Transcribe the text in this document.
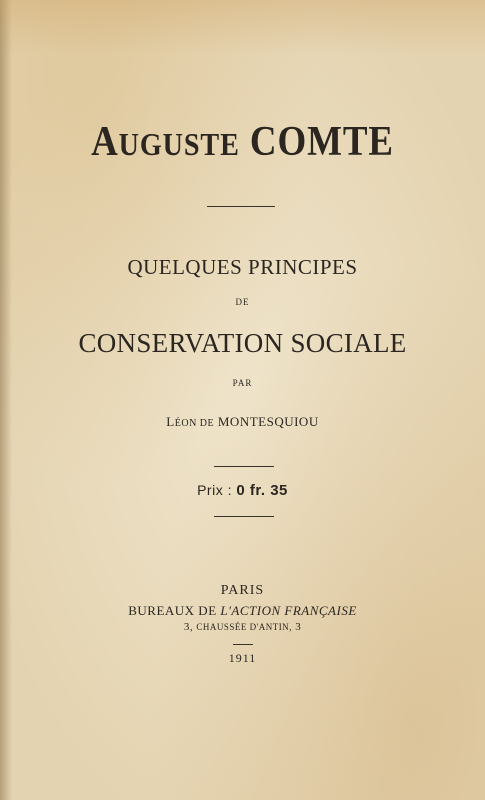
AUGUSTE COMTE
QUELQUES PRINCIPES
DE
CONSERVATION SOCIALE
PAR
LÉON DE MONTESQUIOU
Prix : 0 fr. 35
PARIS
BUREAUX DE L'ACTION FRANÇAISE
3, CHAUSSÉE D'ANTIN, 3
1911
